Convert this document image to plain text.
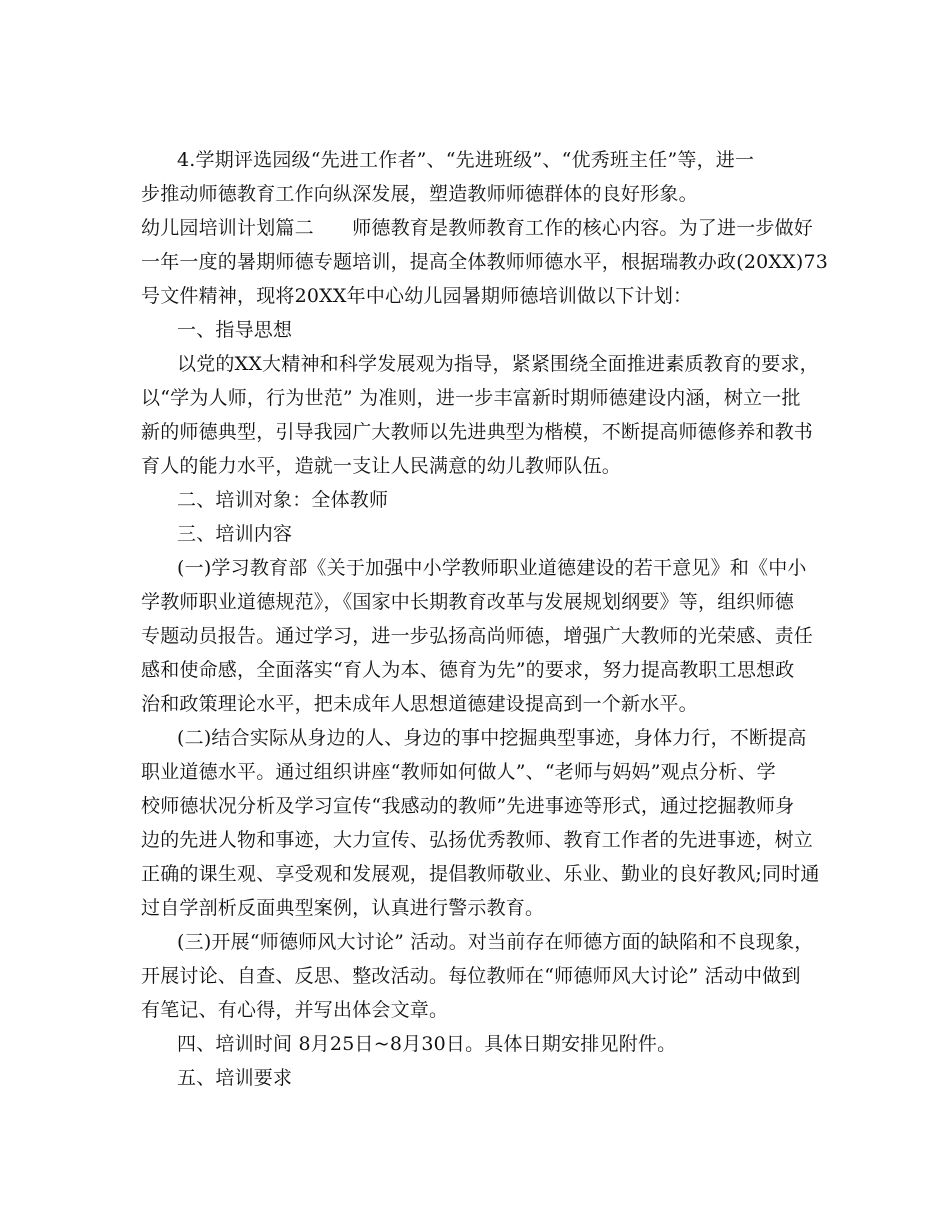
4.学期评选园级“先进工作者”、“先进班级”、“优秀班主任”等，进一
步推动师德教育工作向纵深发展，塑造教师师德群体的良好形象。
幼儿园培训计划篇二　　师德教育是教师教育工作的核心内容。为了进一步做好
一年一度的暑期师德专题培训，提高全体教师师德水平，根据瑞教办政(20XX)73
号文件精神，现将20XX年中心幼儿园暑期师德培训做以下计划：
一、指导思想
以党的XX大精神和科学发展观为指导，紧紧围绕全面推进素质教育的要求，
以“学为人师，行为世范” 为准则，进一步丰富新时期师德建设内涵，树立一批
新的师德典型，引导我园广大教师以先进典型为楷模，不断提高师德修养和教书
育人的能力水平，造就一支让人民满意的幼儿教师队伍。
二、培训对象：全体教师
三、培训内容
(一)学习教育部《关于加强中小学教师职业道德建设的若干意见》和《中小
学教师职业道德规范》，《国家中长期教育改革与发展规划纲要》等，组织师德
专题动员报告。通过学习，进一步弘扬高尚师德，增强广大教师的光荣感、责任
感和使命感，全面落实“育人为本、德育为先”的要求，努力提高教职工思想政
治和政策理论水平，把未成年人思想道德建设提高到一个新水平。
(二)结合实际从身边的人、身边的事中挖掘典型事迹，身体力行，不断提高
职业道德水平。通过组织讲座“教师如何做人”、“老师与妈妈”观点分析、学
校师德状况分析及学习宣传“我感动的教师”先进事迹等形式，通过挖掘教师身
边的先进人物和事迹，大力宣传、弘扬优秀教师、教育工作者的先进事迹，树立
正确的课生观、享受观和发展观，提倡教师敬业、乐业、勤业的良好教风;同时通
过自学剖析反面典型案例，认真进行警示教育。
(三)开展“师德师风大讨论” 活动。对当前存在师德方面的缺陷和不良现象，
开展讨论、自查、反思、整改活动。每位教师在“师德师风大讨论” 活动中做到
有笔记、有心得，并写出体会文章。
四、培训时间 8月25日~8月30日。具体日期安排见附件。
五、培训要求
